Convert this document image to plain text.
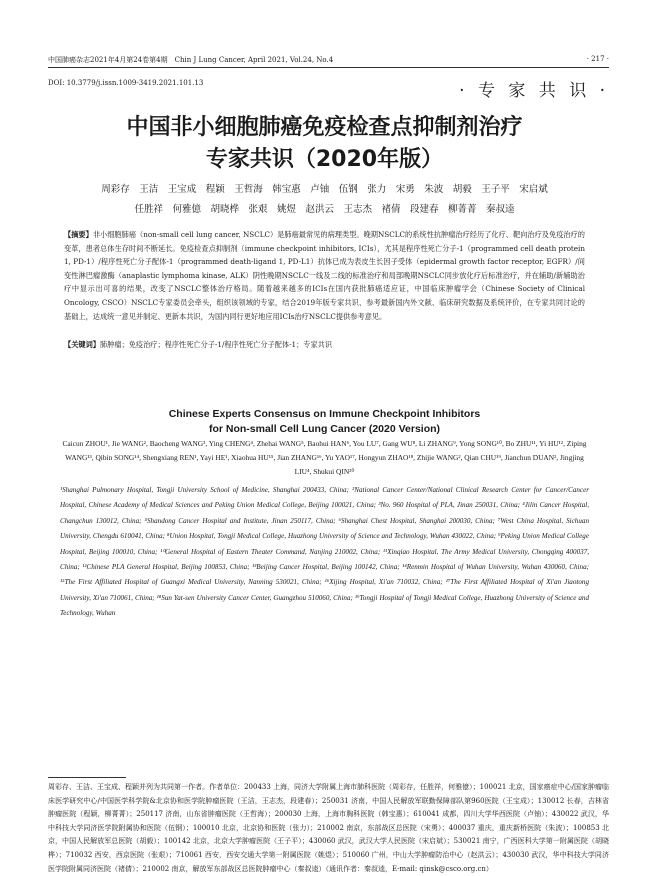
中国肺癌杂志2021年4月第24卷第4期　Chin J Lung Cancer, April 2021, Vol.24, No.4	· 217 ·
DOI: 10.3779/j.issn.1009-3419.2021.101.13	· 专 家 共 识 ·
中国非小细胞肺癌免疫检查点抑制剂治疗
专家共识（2020年版）
周彩存　王洁　王宝成　程颖　王哲海　韩宝惠　卢铀　伍钢　张力　宋勇　朱波　胡毅　王子平　宋启斌
任胜祥　何雅億　胡晓桦　张艰　姚煜　赵洪云　王志杰　褚倩　段建春　柳菁菁　秦叔逵
【摘要】非小细胞肺癌（non-small cell lung cancer, NSCLC）是肺癌最常见的病理类型。晚期NSCLC的系统性抗肿瘤治疗经历了化疗、靶向治疗及免疫治疗的变革，患者总体生存时间不断延长。免疫检查点抑制剂（immune checkpoint inhibitors, ICIs），尤其是程序性死亡分子-1（programmed cell death protein 1, PD-1）/程序性死亡分子配体-1（programmed death-ligand 1, PD-L1）抗体已成为表皮生长因子受体（epidermal growth factor receptor, EGFR）/间变性淋巴瘤激酶（anaplastic lymphoma kinase, ALK）阴性晚期NSCLC一线及二线的标准治疗和局部晚期NSCLC同步放化疗后标准治疗，并在辅助/新辅助治疗中显示出可喜的结果，改变了NSCLC整体治疗格局。随着越来越多的ICIs在国内获批肺癌适应证，中国临床肿瘤学会（Chinese Society of Clinical Oncology, CSCO）NSCLC专家委员会牵头，组织该领域的专家，结合2019年版专家共识、参考最新国内外文献、临床研究数据及系统评价，在专家共同讨论的基础上，达成统一意见并制定、更新本共识，为国内同行更好地应用ICIs治疗NSCLC提供参考意见。
【关键词】肺肿瘤；免疫治疗；程序性死亡分子-1/程序性死亡分子配体-1；专家共识
Chinese Experts Consensus on Immune Checkpoint Inhibitors
for Non-small Cell Lung Cancer (2020 Version)
Caicun ZHOU¹, Jie WANG², Baocheng WANG³, Ying CHENG⁴, Zhehai WANG⁵, Baohui HAN⁶, You LU⁷, Gang WU⁸, Li ZHANG⁹, Yong SONG¹⁰, Bo ZHU¹¹, Yi HU¹², Ziping WANG¹³, Qibin SONG¹⁴, Shengxiang REN¹, Yayi HE¹, Xiaohua HU¹⁵, Jian ZHANG¹⁶, Yu YAO¹⁷, Hongyun ZHAO¹⁸, Zhijie WANG², Qian CHU¹⁹, Jianchun DUAN², Jingjing LIU⁴, Shukui QIN²⁰
¹Shanghai Pulmonary Hospital, Tongji University School of Medicine, Shanghai 200433, China; ²National Cancer Center/National Clinical Research Center for Cancer/Cancer Hospital, Chinese Academy of Medical Sciences and Peking Union Medical College, Beijing 100021, China; ³No. 960 Hospital of PLA, Jinan 250031, China; ⁴Jilin Cancer Hospital, Changchun 130012, China; ⁵Shandong Cancer Hospital and Institute, Jinan 250117, China; ⁶Shanghai Chest Hospital, Shanghai 200030, China; ⁷West China Hospital, Sichuan University, Chengdu 610041, China; ⁸Union Hospital, Tongji Medical College, Huazhong University of Science and Technology, Wuhan 430022, China; ⁹Peking Union Medical College Hospital, Beijing 100010, China; ¹⁰General Hospital of Eastern Theater Command, Nanjing 210002, China; ¹¹Xinqiao Hospital, The Army Medical University, Chongqing 400037, China; ¹²Chinese PLA General Hospital, Beijing 100853, China; ¹³Beijing Cancer Hospital, Beijing 100142, China; ¹⁴Renmin Hospital of Wuhan University, Wuhan 430060, China; ¹⁵The First Affiliated Hospital of Guangxi Medical University, Nanning 530021, China; ¹⁶Xijing Hospital, Xi'an 710032, China; ¹⁷The First Affiliated Hospital of Xi'an Jiaotong University, Xi'an 710061, China; ¹⁸Sun Yat-sen University Cancer Center, Guangzhou 510060, China; ¹⁹Tongji Hospital of Tongji Medical College, Huazhong University of Science and Technology, Wuhan
周彩存、王洁、王宝成、程颖并列为共同第一作者。作者单位：200433 上海，同济大学附属上海市肺科医院（周彩存，任胜祥，何雅億）；100021 北京，国家癌症中心/国家肿瘤临床医学研究中心/中国医学科学院&北京协和医学院肿瘤医院（王洁，王志杰，段建春）；250031 济南，中国人民解放军联勤保障部队第960医院（王宝成）；130012 长春，吉林省肿瘤医院（程颖，柳菁菁）；250117 济南，山东省肿瘤医院（王哲海）；200030 上海，上海市胸科医院（韩宝惠）；610041 成都，四川大学华西医院（卢铀）；430022 武汉，华中科技大学同济医学院附属协和医院（伍钢）；100010 北京，北京协和医院（张力）；210002 南京，东部战区总医院（宋勇）；400037 重庆，重庆新桥医院（朱波）；100853 北京，中国人民解放军总医院（胡毅）；100142 北京，北京大学肿瘤医院（王子平）；430060 武汉，武汉大学人民医院（宋启斌）；530021 南宁，广西医科大学第一附属医院（胡晓桦）；710032 西安，西京医院（张艰）；710061 西安，西安交通大学第一附属医院（姚煜）；510060 广州，中山大学肿瘤防治中心（赵洪云）；430030 武汉，华中科技大学同济医学院附属同济医院（褚倩）；210002 南京，解放军东部战区总医院肿瘤中心（秦叔逵）（通讯作者：秦叔逵，E-mail: qinsk@csco.org.cn）
